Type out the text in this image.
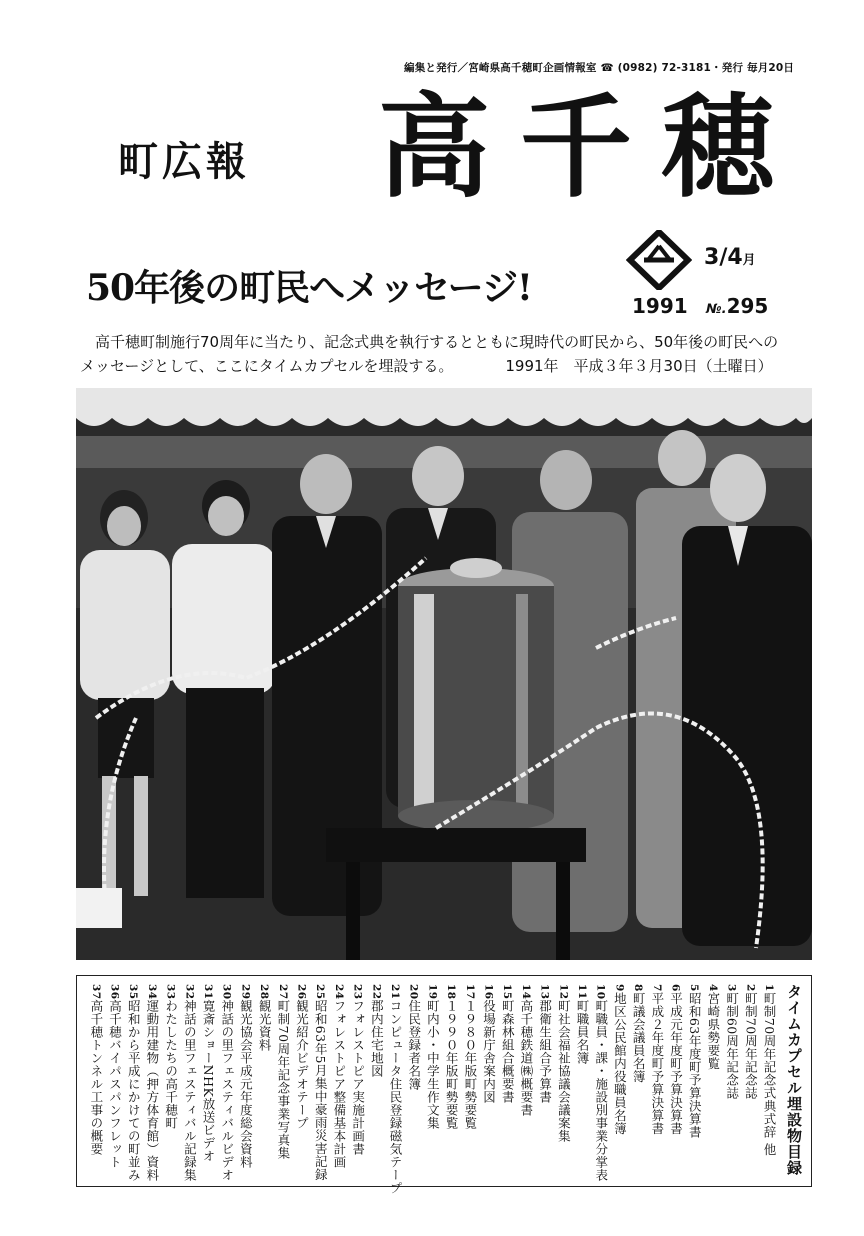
編集と発行／宮崎県高千穂町企画情報室 ☎ (0982) 72-3181・発行 毎月20日
町広報 高千穂
3/4月
1991 №.295
50年後の町民へメッセージ!
高千穂町制施行70周年に当たり、記念式典を執行するとともに現時代の町民から、50年後の町民への
メッセージとして、ここにタイムカプセルを埋設する。	1991年　平成３年３月30日（土曜日）
タイムカプセル埋設物目録
1町制70周年記念式典式辞 他
2町制70周年記念誌
3町制60周年記念誌
4宮崎県勢要覧
5昭和63年度町予算決算書
6平成元年度町予算決算書
7平成２年度町予算決算書
8町議会議員名簿
9地区公民館内役職員名簿
10町職員・課・施設別事業分掌表
11町職員名簿
12町社会福祉協議会議案集
13郡衛生組合予算書
14高千穂鉄道㈱概要書
15町森林組合概要書
16役場新庁舎案内図
17１９８０年版町勢要覧
18１９９０年版町勢要覧
19町内小・中学生作文集
20住民登録者名簿
21コンピュータ住民登録磁気テープ
22郡内住宅地図
23フォレストピア実施計画書
24フォレストピア整備基本計画
25昭和63年5月集中豪雨災害記録
26観光紹介ビデオテープ
27町制70周年記念事業写真集
28観光資料
29観光協会平成元年度総会資料
30神話の里フェスティバルビデオ
31寛斎ショーNHK放送ビデオ
32神話の里フェスティバル記録集
33わたしたちの高千穂町
34運動用建物（押方体育館）資料
35昭和から平成にかけての町並み
36高千穂バイパスパンフレット
37高千穂トンネル工事の概要
